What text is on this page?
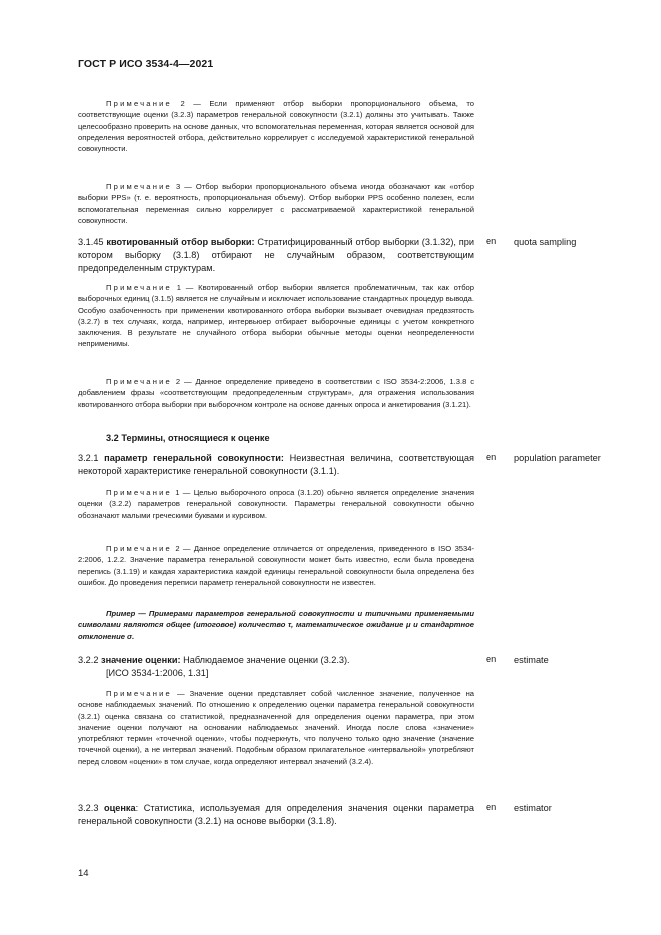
ГОСТ Р ИСО 3534-4—2021

Примечание 2 — Если применяют отбор выборки пропорционального объема, то соответствующие оценки (3.2.3) параметров генеральной совокупности (3.2.1) должны это учитывать. Также целесообразно проверить на основе данных, что вспомогательная переменная, которая является основой для определения вероятностей отбора, действительно коррелирует с исследуемой характеристикой генеральной совокупности.

Примечание 3 — Отбор выборки пропорционального объема иногда обозначают как «отбор выборки PPS» (т. е. вероятность, пропорциональная объему). Отбор выборки PPS особенно полезен, если вспомогательная переменная сильно коррелирует с рассматриваемой характеристикой генеральной совокупности.

3.1.45 квотированный отбор выборки: Стратифицированный отбор выборки (3.1.32), при котором выборку (3.1.8) отбирают не случайным образом, соответствующим предопределенным структурам.

en quota sampling

Примечание 1 — Квотированный отбор выборки является проблематичным, так как отбор выборочных единиц (3.1.5) является не случайным и исключает использование стандартных процедур вывода. Особую озабоченность при применении квотированного отбора выборки вызывает очевидная предвзятость (3.2.7) в тех случаях, когда, например, интервьюер отбирает выборочные единицы с учетом конкретного заключения. В результате не случайного отбора выборки обычные методы оценки неопределенности неприменимы.

Примечание 2 — Данное определение приведено в соответствии с ISO 3534-2:2006, 1.3.8 с добавлением фразы «соответствующим предопределенным структурам», для отражения использования квотированного отбора выборки при выборочном контроле на основе данных опроса и анкетирования (3.1.21).

3.2 Термины, относящиеся к оценке

3.2.1 параметр генеральной совокупности: Неизвестная величина, соответствующая некоторой характеристике генеральной совокупности (3.1.1).

en population parameter

Примечание 1 — Целью выборочного опроса (3.1.20) обычно является определение значения оценки (3.2.2) параметров генеральной совокупности. Параметры генеральной совокупности обычно обозначают малыми греческими буквами и курсивом.

Примечание 2 — Данное определение отличается от определения, приведенного в ISO 3534-2:2006, 1.2.2. Значение параметра генеральной совокупности может быть известно, если была проведена перепись (3.1.19) и каждая характеристика каждой единицы генеральной совокупности была определена без ошибок. До проведения переписи параметр генеральной совокупности не известен.

Пример — Примерами параметров генеральной совокупности и типичными применяемыми символами являются общее (итоговое) количество τ, математическое ожидание μ и стандартное отклонение σ.

3.2.2 значение оценки: Наблюдаемое значение оценки (3.2.3).

[ИСО 3534-1:2006, 1.31]

en estimate

Примечание — Значение оценки представляет собой численное значение, полученное на основе наблюдаемых значений. По отношению к определению оценки параметра генеральной совокупности (3.2.1) оценка связана со статистикой, предназначенной для определения оценки параметра, при этом значение оценки получают на основании наблюдаемых значений. Иногда после слова «значение» употребляют термин «точечной оценки», чтобы подчеркнуть, что получено только одно значение (значение точечной оценки), а не интервал значений. Подобным образом прилагательное «интервальной» употребляют перед словом «оценки» в том случае, когда определяют интервал значений (3.2.4).

3.2.3 оценка: Статистика, используемая для определения значения оценки параметра генеральной совокупности (3.2.1) на основе выборки (3.1.8).

en estimator
14
